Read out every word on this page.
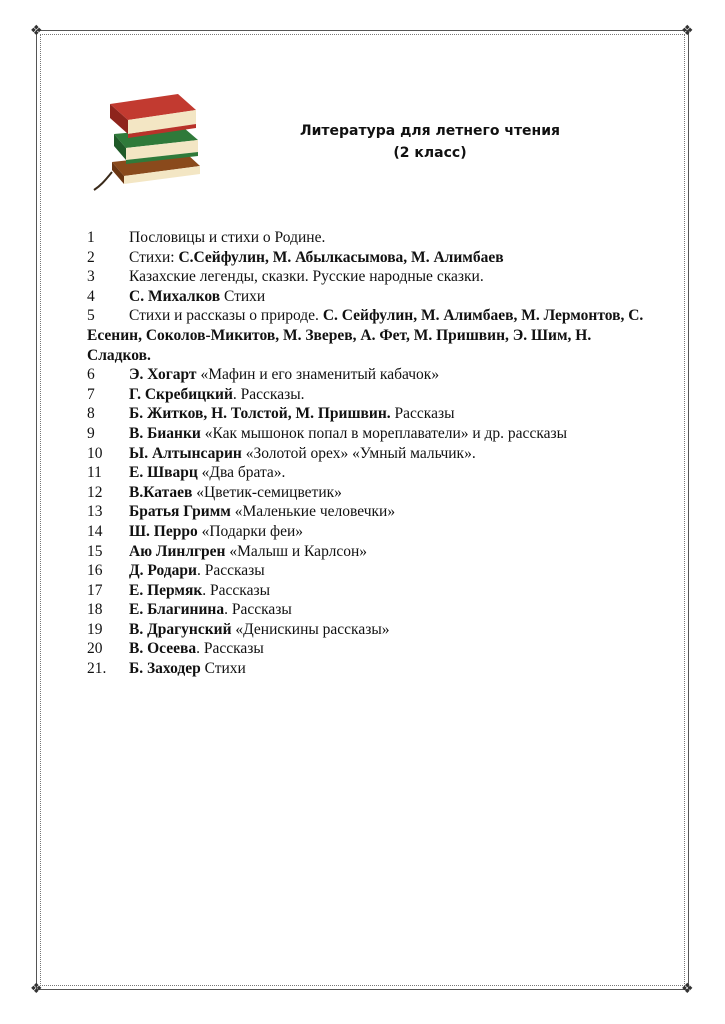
❖	❖
❖	❖
Литература для летнего чтения
(2 класс)
1 Пословицы и стихи о Родине.
2 Стихи: С.Сейфулин, М. Абылкасымова, М. Алимбаев
3 Казахские легенды, сказки. Русские народные сказки.
4 С. Михалков Стихи
5 Стихи и рассказы о природе. С. Сейфулин, М. Алимбаев, М. Лермонтов, С. Есенин, Соколов-Микитов, М. Зверев, А. Фет, М. Пришвин, Э. Шим, Н. Сладков.
6 Э. Хогарт «Мафин и его знаменитый кабачок»
7 Г. Скребицкий. Рассказы.
8 Б. Житков, Н. Толстой, М. Пришвин. Рассказы
9 В. Бианки «Как мышонок попал в мореплаватели» и др. рассказы
10 Ы. Алтынсарин «Золотой орех» «Умный мальчик».
11 Е. Шварц «Два брата».
12 В.Катаев «Цветик-семицветик»
13 Братья Гримм «Маленькие человечки»
14 Ш. Перро «Подарки феи»
15 Аю Линлгрен «Малыш и Карлсон»
16 Д. Родари. Рассказы
17 Е. Пермяк. Рассказы
18 Е. Благинина. Рассказы
19 В. Драгунский «Денискины рассказы»
20 В. Осеева. Рассказы
21. Б. Заходер Стихи
